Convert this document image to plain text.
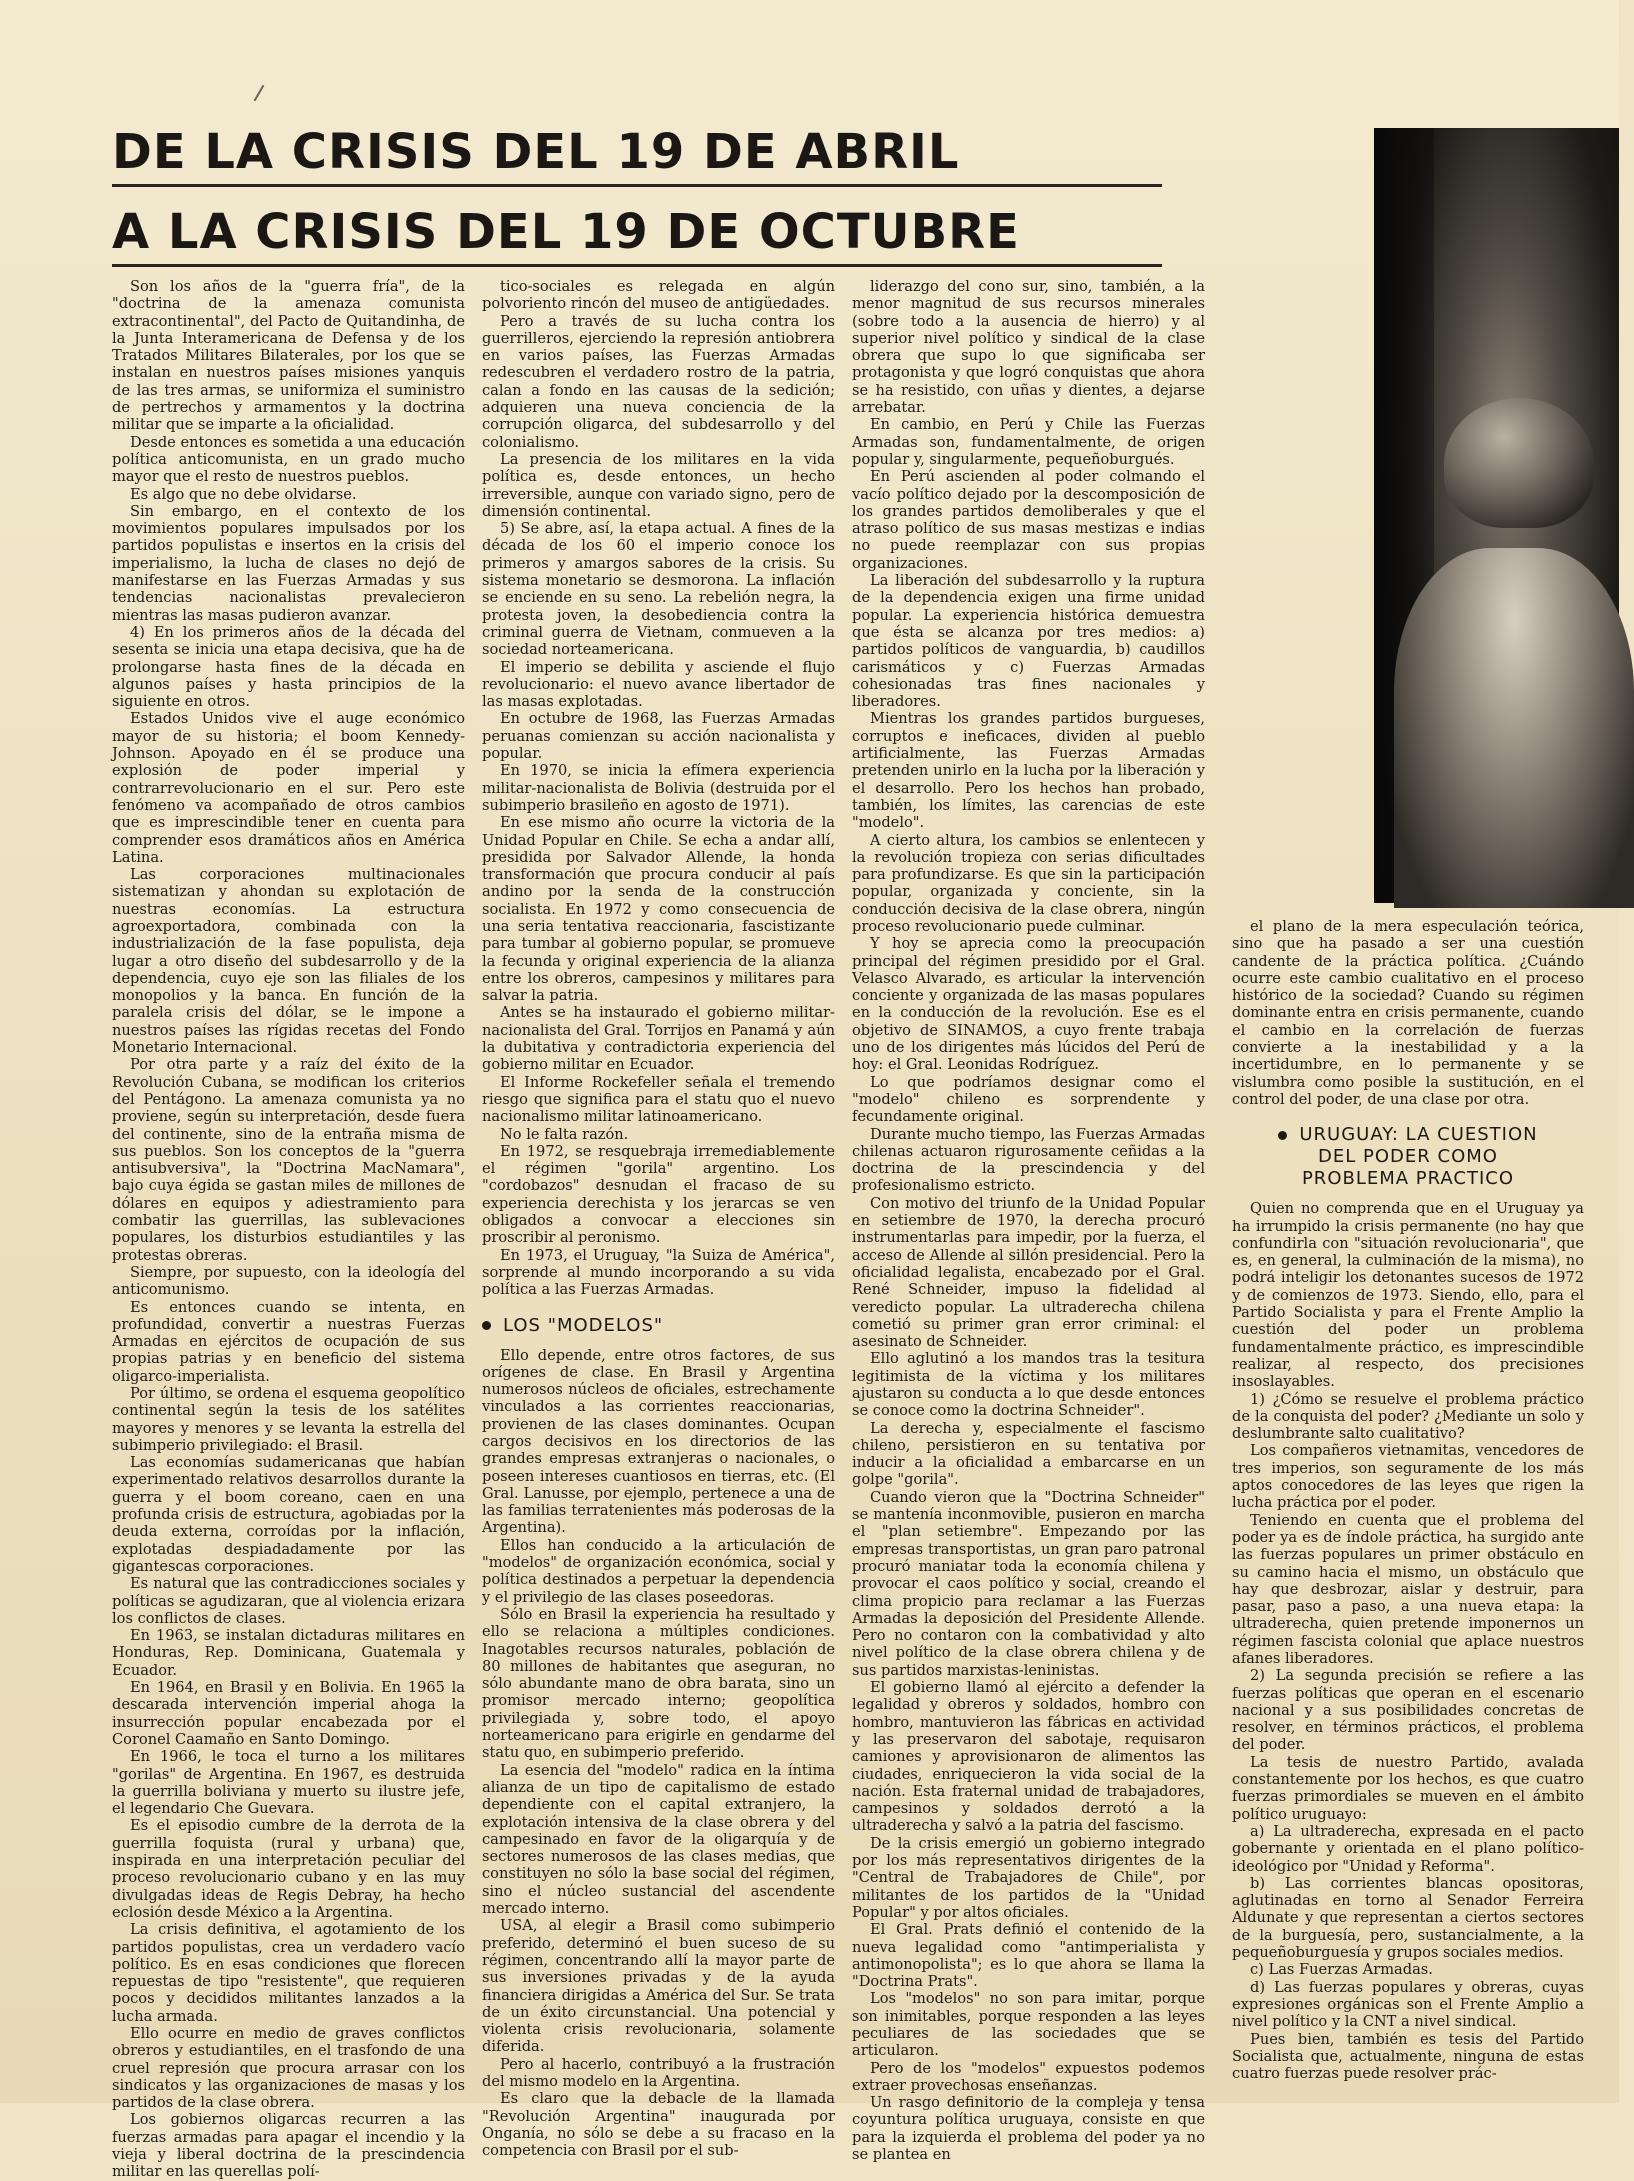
DE LA CRISIS DEL 19 DE ABRIL
A LA CRISIS DEL 19 DE OCTUBRE

Son los años de la "guerra fría", de la "doctrina de la amenaza comunista extracontinental", del Pacto de Quitandinha, de la Junta Interamericana de Defensa y de los Tratados Militares Bilaterales, por los que se instalan en nuestros países misiones yanquis de las tres armas, se uniformiza el suministro de pertrechos y armamentos y la doctrina militar que se imparte a la oficialidad.

Desde entonces es sometida a una educación política anticomunista, en un grado mucho mayor que el resto de nuestros pueblos.

Es algo que no debe olvidarse.

Sin embargo, en el contexto de los movimientos populares impulsados por los partidos populistas e insertos en la crisis del imperialismo, la lucha de clases no dejó de manifestarse en las Fuerzas Armadas y sus tendencias nacionalistas prevalecieron mientras las masas pudieron avanzar.

4) En los primeros años de la década del sesenta se inicia una etapa decisiva, que ha de prolongarse hasta fines de la década en algunos países y hasta principios de la siguiente en otros.

Estados Unidos vive el auge económico mayor de su historia; el boom Kennedy-Johnson. Apoyado en él se produce una explosión de poder imperial y contrarrevolucionario en el sur. Pero este fenómeno va acompañado de otros cambios que es imprescindible tener en cuenta para comprender esos dramáticos años en América Latina.

Las corporaciones multinacionales sistematizan y ahondan su explotación de nuestras economías. La estructura agroexportadora, combinada con la industrialización de la fase populista, deja lugar a otro diseño del subdesarrollo y de la dependencia, cuyo eje son las filiales de los monopolios y la banca. En función de la paralela crisis del dólar, se le impone a nuestros países las rígidas recetas del Fondo Monetario Internacional.

Por otra parte y a raíz del éxito de la Revolución Cubana, se modifican los criterios del Pentágono. La amenaza comunista ya no proviene, según su interpretación, desde fuera del continente, sino de la entraña misma de sus pueblos. Son los conceptos de la "guerra antisubversiva", la "Doctrina MacNamara", bajo cuya égida se gastan miles de millones de dólares en equipos y adiestramiento para combatir las guerrillas, las sublevaciones populares, los disturbios estudiantiles y las protestas obreras.

Siempre, por supuesto, con la ideología del anticomunismo.

Es entonces cuando se intenta, en profundidad, convertir a nuestras Fuerzas Armadas en ejércitos de ocupación de sus propias patrias y en beneficio del sistema oligarco-imperialista.

Por último, se ordena el esquema geopolítico continental según la tesis de los satélites mayores y menores y se levanta la estrella del subimperio privilegiado: el Brasil.

Las economías sudamericanas que habían experimentado relativos desarrollos durante la guerra y el boom coreano, caen en una profunda crisis de estructura, agobiadas por la deuda externa, corroídas por la inflación, explotadas despiadadamente por las gigantescas corporaciones.

Es natural que las contradicciones sociales y políticas se agudizaran, que al violencia erizara los conflictos de clases.

En 1963, se instalan dictaduras militares en Honduras, Rep. Dominicana, Guatemala y Ecuador.

En 1964, en Brasil y en Bolivia. En 1965 la descarada intervención imperial ahoga la insurrección popular encabezada por el Coronel Caamaño en Santo Domingo.

En 1966, le toca el turno a los militares "gorilas" de Argentina. En 1967, es destruida la guerrilla boliviana y muerto su ilustre jefe, el legendario Che Guevara.

Es el episodio cumbre de la derrota de la guerrilla foquista (rural y urbana) que, inspirada en una interpretación peculiar del proceso revolucionario cubano y en las muy divulgadas ideas de Regis Debray, ha hecho eclosión desde México a la Argentina.

La crisis definitiva, el agotamiento de los partidos populistas, crea un verdadero vacío político. Es en esas condiciones que florecen repuestas de tipo "resistente", que requieren pocos y decididos militantes lanzados a la lucha armada.

Ello ocurre en medio de graves conflictos obreros y estudiantiles, en el trasfondo de una cruel represión que procura arrasar con los sindicatos y las organizaciones de masas y los partidos de la clase obrera.

Los gobiernos oligarcas recurren a las fuerzas armadas para apagar el incendio y la vieja y liberal doctrina de la prescindencia militar en las querellas polí-

tico-sociales es relegada en algún polvoriento rincón del museo de antigüedades.

Pero a través de su lucha contra los guerrilleros, ejerciendo la represión antiobrera en varios países, las Fuerzas Armadas redescubren el verdadero rostro de la patria, calan a fondo en las causas de la sedición; adquieren una nueva conciencia de la corrupción oligarca, del subdesarrollo y del colonialismo.

La presencia de los militares en la vida política es, desde entonces, un hecho irreversible, aunque con variado signo, pero de dimensión continental.

5) Se abre, así, la etapa actual. A fines de la década de los 60 el imperio conoce los primeros y amargos sabores de la crisis. Su sistema monetario se desmorona. La inflación se enciende en su seno. La rebelión negra, la protesta joven, la desobediencia contra la criminal guerra de Vietnam, conmueven a la sociedad norteamericana.

El imperio se debilita y asciende el flujo revolucionario: el nuevo avance libertador de las masas explotadas.

En octubre de 1968, las Fuerzas Armadas peruanas comienzan su acción nacionalista y popular.

En 1970, se inicia la efímera experiencia militar-nacionalista de Bolivia (destruida por el subimperio brasileño en agosto de 1971).

En ese mismo año ocurre la victoria de la Unidad Popular en Chile. Se echa a andar allí, presidida por Salvador Allende, la honda transformación que procura conducir al país andino por la senda de la construcción socialista. En 1972 y como consecuencia de una seria tentativa reaccionaria, fascistizante para tumbar al gobierno popular, se promueve la fecunda y original experiencia de la alianza entre los obreros, campesinos y militares para salvar la patria.

Antes se ha instaurado el gobierno militar-nacionalista del Gral. Torrijos en Panamá y aún la dubitativa y contradictoria experiencia del gobierno militar en Ecuador.

El Informe Rockefeller señala el tremendo riesgo que significa para el statu quo el nuevo nacionalismo militar latinoamericano.

No le falta razón.

En 1972, se resquebraja irremediablemente el régimen "gorila" argentino. Los "cordobazos" desnudan el fracaso de su experiencia derechista y los jerarcas se ven obligados a convocar a elecciones sin proscribir al peronismo.

En 1973, el Uruguay, "la Suiza de América", sorprende al mundo incorporando a su vida política a las Fuerzas Armadas.

LOS "MODELOS"

Ello depende, entre otros factores, de sus orígenes de clase. En Brasil y Argentina numerosos núcleos de oficiales, estrechamente vinculados a las corrientes reaccionarias, provienen de las clases dominantes. Ocupan cargos decisivos en los directorios de las grandes empresas extranjeras o nacionales, o poseen intereses cuantiosos en tierras, etc. (El Gral. Lanusse, por ejemplo, pertenece a una de las familias terratenientes más poderosas de la Argentina).

Ellos han conducido a la articulación de "modelos" de organización económica, social y política destinados a perpetuar la dependencia y el privilegio de las clases poseedoras.

Sólo en Brasil la experiencia ha resultado y ello se relaciona a múltiples condiciones. Inagotables recursos naturales, población de 80 millones de habitantes que aseguran, no sólo abundante mano de obra barata, sino un promisor mercado interno; geopolítica privilegiada y, sobre todo, el apoyo norteamericano para erigirle en gendarme del statu quo, en subimperio preferido.

La esencia del "modelo" radica en la íntima alianza de un tipo de capitalismo de estado dependiente con el capital extranjero, la explotación intensiva de la clase obrera y del campesinado en favor de la oligarquía y de sectores numerosos de las clases medias, que constituyen no sólo la base social del régimen, sino el núcleo sustancial del ascendente mercado interno.

USA, al elegir a Brasil como subimperio preferido, determinó el buen suceso de su régimen, concentrando allí la mayor parte de sus inversiones privadas y de la ayuda financiera dirigidas a América del Sur. Se trata de un éxito circunstancial. Una potencial y violenta crisis revolucionaria, solamente diferida.

Pero al hacerlo, contribuyó a la frustración del mismo modelo en la Argentina.

Es claro que la debacle de la llamada "Revolución Argentina" inaugurada por Onganía, no sólo se debe a su fracaso en la competencia con Brasil por el sub-

liderazgo del cono sur, sino, también, a la menor magnitud de sus recursos minerales (sobre todo a la ausencia de hierro) y al superior nivel político y sindical de la clase obrera que supo lo que significaba ser protagonista y que logró conquistas que ahora se ha resistido, con uñas y dientes, a dejarse arrebatar.

En cambio, en Perú y Chile las Fuerzas Armadas son, fundamentalmente, de origen popular y, singularmente, pequeñoburgués.

En Perú ascienden al poder colmando el vacío político dejado por la descomposición de los grandes partidos demoliberales y que el atraso político de sus masas mestizas e indias no puede reemplazar con sus propias organizaciones.

La liberación del subdesarrollo y la ruptura de la dependencia exigen una firme unidad popular. La experiencia histórica demuestra que ésta se alcanza por tres medios: a) partidos políticos de vanguardia, b) caudillos carismáticos y c) Fuerzas Armadas cohesionadas tras fines nacionales y liberadores.

Mientras los grandes partidos burgueses, corruptos e ineficaces, dividen al pueblo artificialmente, las Fuerzas Armadas pretenden unirlo en la lucha por la liberación y el desarrollo. Pero los hechos han probado, también, los límites, las carencias de este "modelo".

A cierto altura, los cambios se enlentecen y la revolución tropieza con serias dificultades para profundizarse. Es que sin la participación popular, organizada y conciente, sin la conducción decisiva de la clase obrera, ningún proceso revolucionario puede culminar.

Y hoy se aprecia como la preocupación principal del régimen presidido por el Gral. Velasco Alvarado, es articular la intervención conciente y organizada de las masas populares en la conducción de la revolución. Ese es el objetivo de SINAMOS, a cuyo frente trabaja uno de los dirigentes más lúcidos del Perú de hoy: el Gral. Leonidas Rodríguez.

Lo que podríamos designar como el "modelo" chileno es sorprendente y fecundamente original.

Durante mucho tiempo, las Fuerzas Armadas chilenas actuaron rigurosamente ceñidas a la doctrina de la prescindencia y del profesionalismo estricto.

Con motivo del triunfo de la Unidad Popular en setiembre de 1970, la derecha procuró instrumentarlas para impedir, por la fuerza, el acceso de Allende al sillón presidencial. Pero la oficialidad legalista, encabezado por el Gral. René Schneider, impuso la fidelidad al veredicto popular. La ultraderecha chilena cometió su primer gran error criminal: el asesinato de Schneider.

Ello aglutinó a los mandos tras la tesitura legitimista de la víctima y los militares ajustaron su conducta a lo que desde entonces se conoce como la doctrina Schneider".

La derecha y, especialmente el fascismo chileno, persistieron en su tentativa por inducir a la oficialidad a embarcarse en un golpe "gorila".

Cuando vieron que la "Doctrina Schneider" se mantenía inconmovible, pusieron en marcha el "plan setiembre". Empezando por las empresas transportistas, un gran paro patronal procuró maniatar toda la economía chilena y provocar el caos político y social, creando el clima propicio para reclamar a las Fuerzas Armadas la deposición del Presidente Allende. Pero no contaron con la combatividad y alto nivel político de la clase obrera chilena y de sus partidos marxistas-leninistas.

El gobierno llamó al ejército a defender la legalidad y obreros y soldados, hombro con hombro, mantuvieron las fábricas en actividad y las preservaron del sabotaje, requisaron camiones y aprovisionaron de alimentos las ciudades, enriquecieron la vida social de la nación. Esta fraternal unidad de trabajadores, campesinos y soldados derrotó a la ultraderecha y salvó a la patria del fascismo.

De la crisis emergió un gobierno integrado por los más representativos dirigentes de la "Central de Trabajadores de Chile", por militantes de los partidos de la "Unidad Popular" y por altos oficiales.

El Gral. Prats definió el contenido de la nueva legalidad como "antimperialista y antimonopolista"; es lo que ahora se llama la "Doctrina Prats".

Los "modelos" no son para imitar, porque son inimitables, porque responden a las leyes peculiares de las sociedades que se articularon.

Pero de los "modelos" expuestos podemos extraer provechosas enseñanzas.

Un rasgo definitorio de la compleja y tensa coyuntura política uruguaya, consiste en que para la izquierda el problema del poder ya no se plantea en

el plano de la mera especulación teórica, sino que ha pasado a ser una cuestión candente de la práctica política. ¿Cuándo ocurre este cambio cualitativo en el proceso histórico de la sociedad? Cuando su régimen dominante entra en crisis permanente, cuando el cambio en la correlación de fuerzas convierte a la inestabilidad y a la incertidumbre, en lo permanente y se vislumbra como posible la sustitución, en el control del poder, de una clase por otra.

URUGUAY: LA CUESTION
DEL PODER COMO
PROBLEMA PRACTICO

Quien no comprenda que en el Uruguay ya ha irrumpido la crisis permanente (no hay que confundirla con "situación revolucionaria", que es, en general, la culminación de la misma), no podrá inteligir los detonantes sucesos de 1972 y de comienzos de 1973. Siendo, ello, para el Partido Socialista y para el Frente Amplio la cuestión del poder un problema fundamentalmente práctico, es imprescindible realizar, al respecto, dos precisiones insoslayables.

1) ¿Cómo se resuelve el problema práctico de la conquista del poder? ¿Mediante un solo y deslumbrante salto cualitativo?

Los compañeros vietnamitas, vencedores de tres imperios, son seguramente de los más aptos conocedores de las leyes que rigen la lucha práctica por el poder.

Teniendo en cuenta que el problema del poder ya es de índole práctica, ha surgido ante las fuerzas populares un primer obstáculo en su camino hacia el mismo, un obstáculo que hay que desbrozar, aislar y destruir, para pasar, paso a paso, a una nueva etapa: la ultraderecha, quien pretende imponernos un régimen fascista colonial que aplace nuestros afanes liberadores.

2) La segunda precisión se refiere a las fuerzas políticas que operan en el escenario nacional y a sus posibilidades concretas de resolver, en términos prácticos, el problema del poder.

La tesis de nuestro Partido, avalada constantemente por los hechos, es que cuatro fuerzas primordiales se mueven en el ámbito político uruguayo:

a) La ultraderecha, expresada en el pacto gobernante y orientada en el plano político-ideológico por "Unidad y Reforma".

b) Las corrientes blancas opositoras, aglutinadas en torno al Senador Ferreira Aldunate y que representan a ciertos sectores de la burguesía, pero, sustancialmente, a la pequeñoburguesía y grupos sociales medios.

c) Las Fuerzas Armadas.

d) Las fuerzas populares y obreras, cuyas expresiones orgánicas son el Frente Amplio a nivel político y la CNT a nivel sindical.

Pues bien, también es tesis del Partido Socialista que, actualmente, ninguna de estas cuatro fuerzas puede resolver prác-
